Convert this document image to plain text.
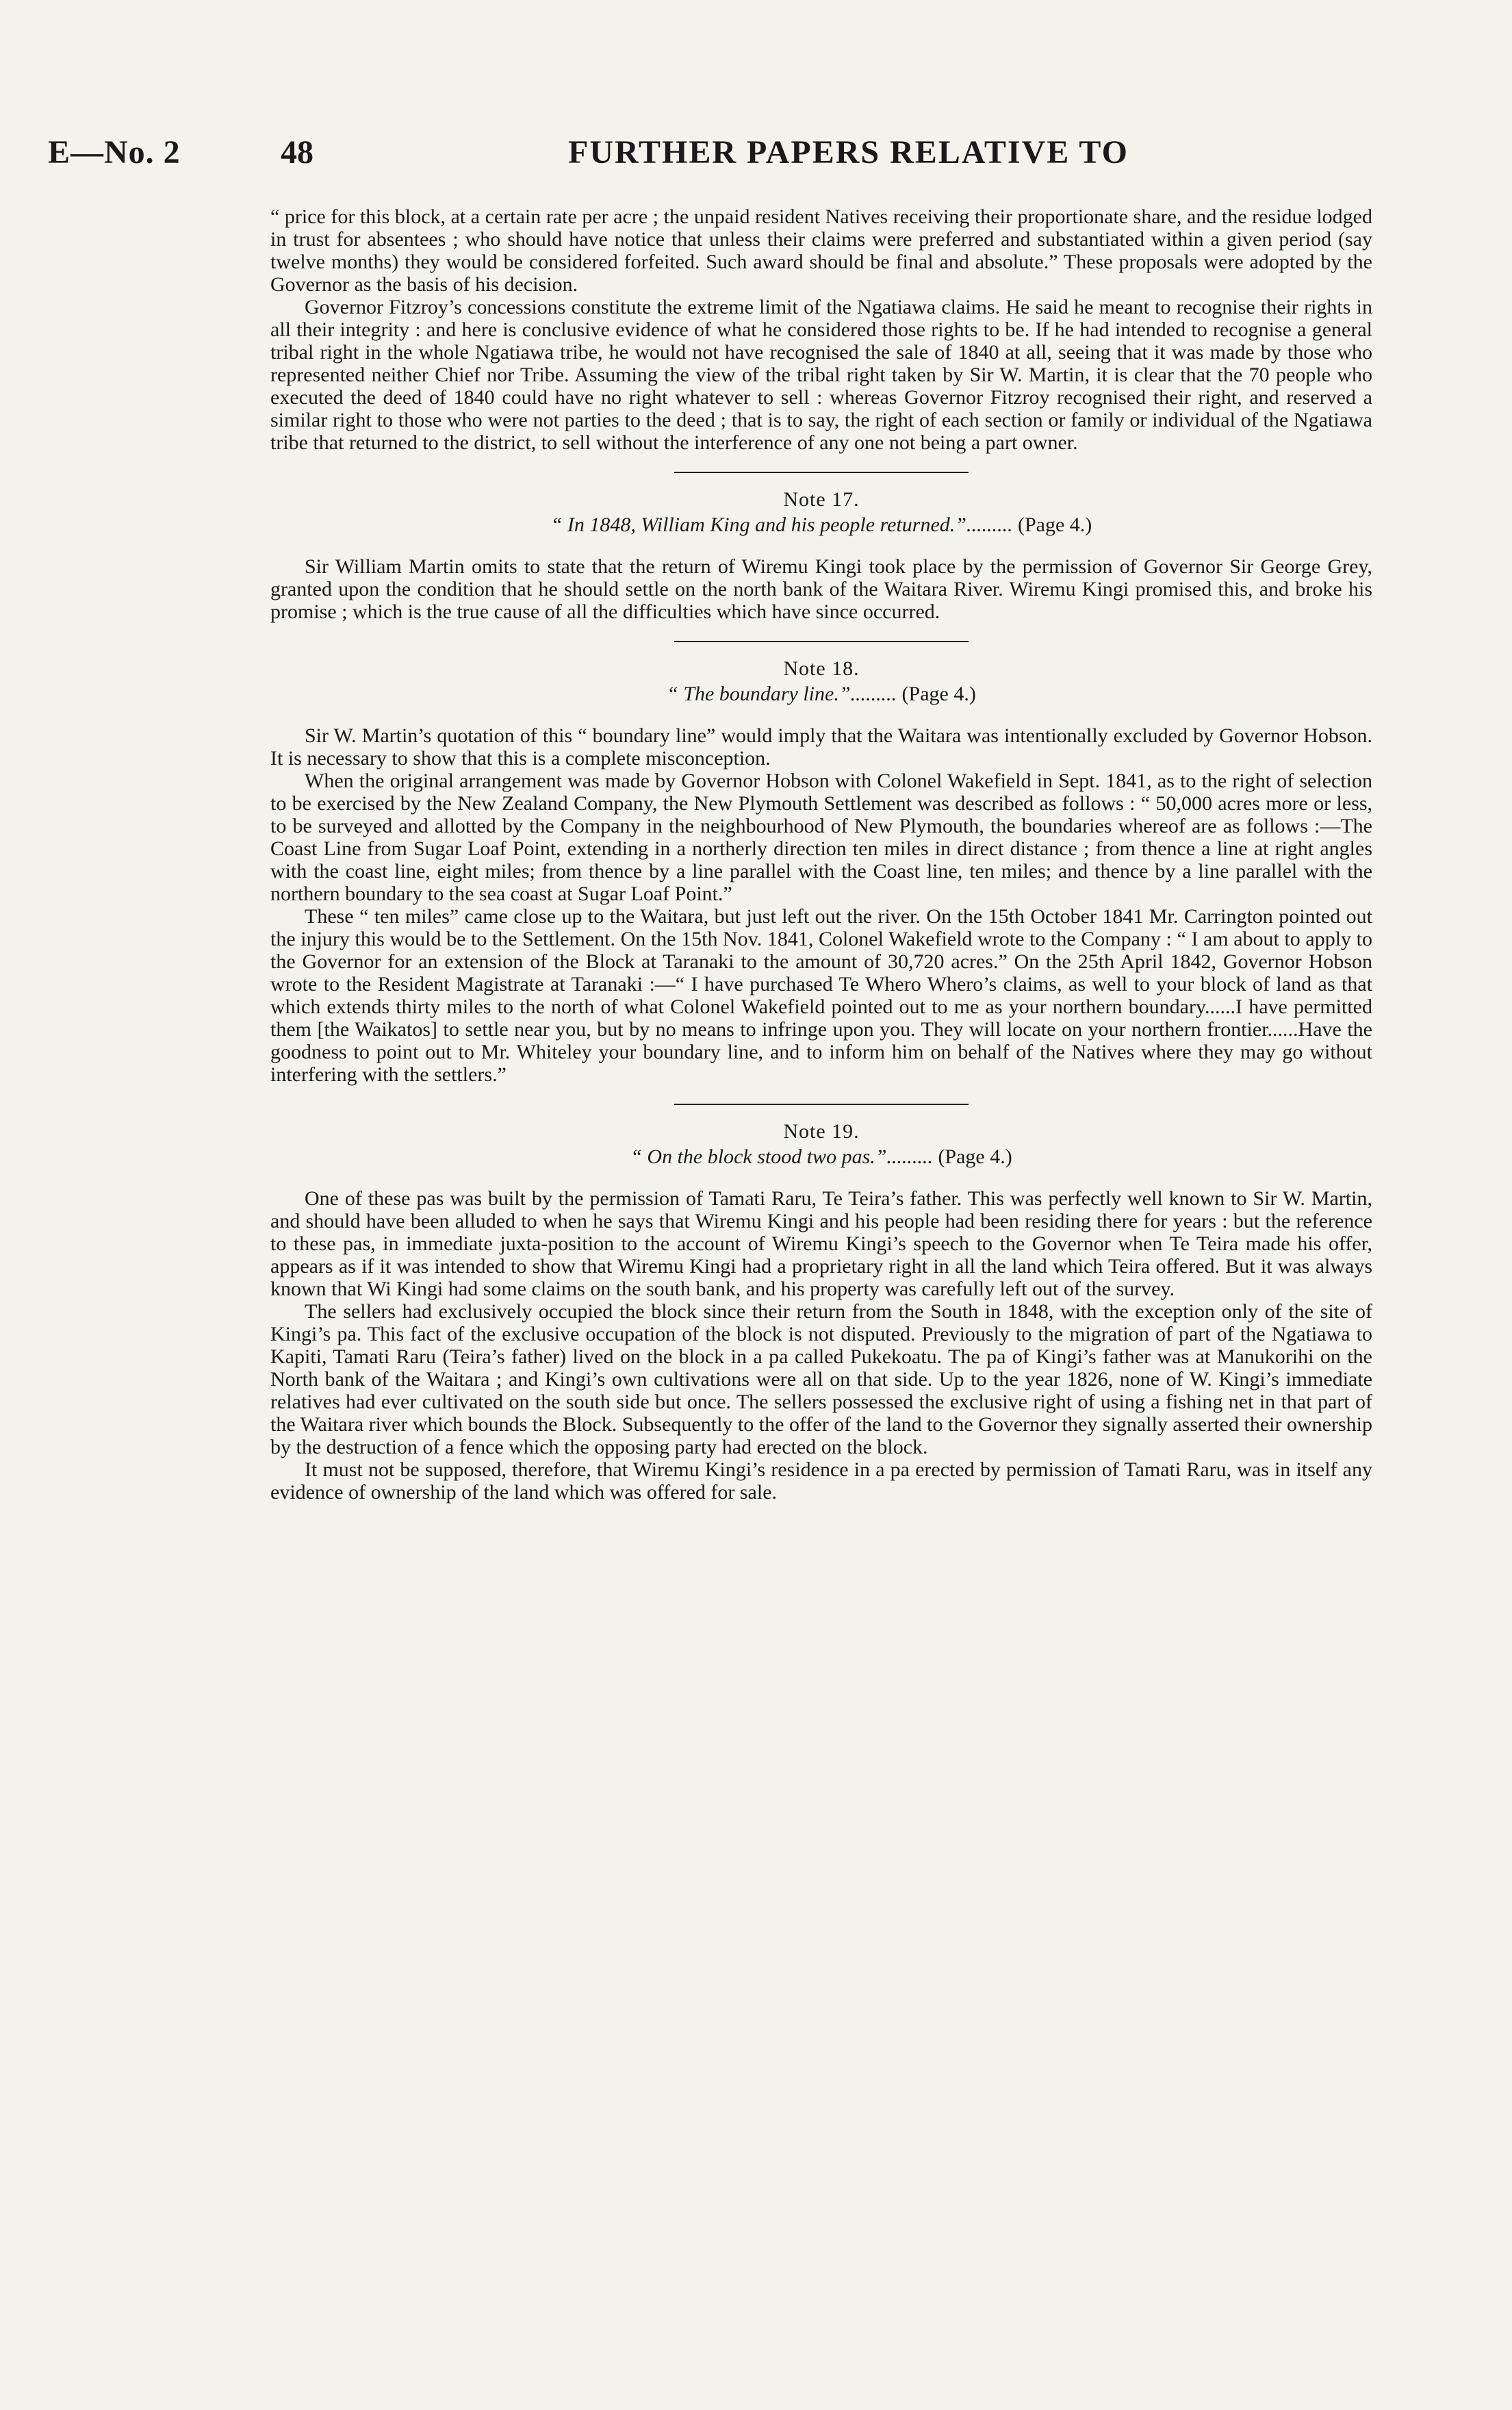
E—No. 2	48	FURTHER PAPERS RELATIVE TO

“ price for this block, at a certain rate per acre ; the unpaid resident Natives receiving their proportionate share, and the residue lodged in trust for absentees ; who should have notice that unless their claims were preferred and substantiated within a given period (say twelve months) they would be considered forfeited. Such award should be final and absolute.” These proposals were adopted by the Governor as the basis of his decision.

Governor Fitzroy’s concessions constitute the extreme limit of the Ngatiawa claims. He said he meant to recognise their rights in all their integrity : and here is conclusive evidence of what he considered those rights to be. If he had intended to recognise a general tribal right in the whole Ngatiawa tribe, he would not have recognised the sale of 1840 at all, seeing that it was made by those who represented neither Chief nor Tribe. Assuming the view of the tribal right taken by Sir W. Martin, it is clear that the 70 people who executed the deed of 1840 could have no right whatever to sell : whereas Governor Fitzroy recognised their right, and reserved a similar right to those who were not parties to the deed ; that is to say, the right of each section or family or individual of the Ngatiawa tribe that returned to the district, to sell without the interference of any one not being a part owner.

Note 17.

“ In 1848, William King and his people returned.”......... (Page 4.)

Sir William Martin omits to state that the return of Wiremu Kingi took place by the permission of Governor Sir George Grey, granted upon the condition that he should settle on the north bank of the Waitara River. Wiremu Kingi promised this, and broke his promise ; which is the true cause of all the difficulties which have since occurred.

Note 18.

“ The boundary line.”......... (Page 4.)

Sir W. Martin’s quotation of this “ boundary line” would imply that the Waitara was intentionally excluded by Governor Hobson. It is necessary to show that this is a complete misconception.

When the original arrangement was made by Governor Hobson with Colonel Wakefield in Sept. 1841, as to the right of selection to be exercised by the New Zealand Company, the New Plymouth Settlement was described as follows : “ 50,000 acres more or less, to be surveyed and allotted by the Company in the neighbourhood of New Plymouth, the boundaries whereof are as follows :—The Coast Line from Sugar Loaf Point, extending in a northerly direction ten miles in direct distance ; from thence a line at right angles with the coast line, eight miles; from thence by a line parallel with the Coast line, ten miles; and thence by a line parallel with the northern boundary to the sea coast at Sugar Loaf Point.”

These “ ten miles” came close up to the Waitara, but just left out the river. On the 15th October 1841 Mr. Carrington pointed out the injury this would be to the Settlement. On the 15th Nov. 1841, Colonel Wakefield wrote to the Company : “ I am about to apply to the Governor for an extension of the Block at Taranaki to the amount of 30,720 acres.” On the 25th April 1842, Governor Hobson wrote to the Resident Magistrate at Taranaki :—“ I have purchased Te Whero Whero’s claims, as well to your block of land as that which extends thirty miles to the north of what Colonel Wakefield pointed out to me as your northern boundary......I have permitted them [the Waikatos] to settle near you, but by no means to infringe upon you. They will locate on your northern frontier......Have the goodness to point out to Mr. Whiteley your boundary line, and to inform him on behalf of the Natives where they may go without interfering with the settlers.”

Note 19.

“ On the block stood two pas.”......... (Page 4.)

One of these pas was built by the permission of Tamati Raru, Te Teira’s father. This was perfectly well known to Sir W. Martin, and should have been alluded to when he says that Wiremu Kingi and his people had been residing there for years : but the reference to these pas, in immediate juxta-position to the account of Wiremu Kingi’s speech to the Governor when Te Teira made his offer, appears as if it was intended to show that Wiremu Kingi had a proprietary right in all the land which Teira offered. But it was always known that Wi Kingi had some claims on the south bank, and his property was carefully left out of the survey.

The sellers had exclusively occupied the block since their return from the South in 1848, with the exception only of the site of Kingi’s pa. This fact of the exclusive occupation of the block is not disputed. Previously to the migration of part of the Ngatiawa to Kapiti, Tamati Raru (Teira’s father) lived on the block in a pa called Pukekoatu. The pa of Kingi’s father was at Manukorihi on the North bank of the Waitara ; and Kingi’s own cultivations were all on that side. Up to the year 1826, none of W. Kingi’s immediate relatives had ever cultivated on the south side but once. The sellers possessed the exclusive right of using a fishing net in that part of the Waitara river which bounds the Block. Subsequently to the offer of the land to the Governor they signally asserted their ownership by the destruction of a fence which the opposing party had erected on the block.

It must not be supposed, therefore, that Wiremu Kingi’s residence in a pa erected by permission of Tamati Raru, was in itself any evidence of ownership of the land which was offered for sale.
